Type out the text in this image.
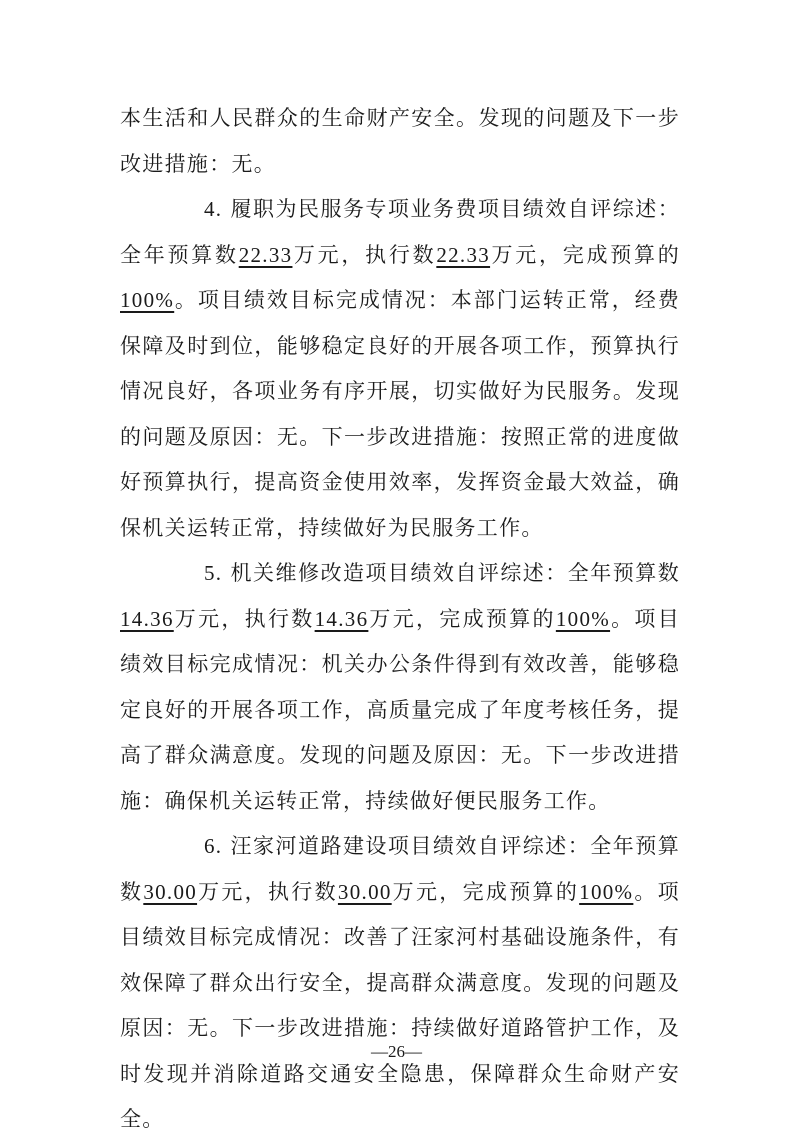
本生活和人民群众的生命财产安全。发现的问题及下一步改进措施：无。

4. 履职为民服务专项业务费项目绩效自评综述：全年预算数22.33万元，执行数22.33万元，完成预算的100%。项目绩效目标完成情况：本部门运转正常，经费保障及时到位，能够稳定良好的开展各项工作，预算执行情况良好，各项业务有序开展，切实做好为民服务。发现的问题及原因：无。下一步改进措施：按照正常的进度做好预算执行，提高资金使用效率，发挥资金最大效益，确保机关运转正常，持续做好为民服务工作。

5. 机关维修改造项目绩效自评综述：全年预算数14.36万元，执行数14.36万元，完成预算的100%。项目绩效目标完成情况：机关办公条件得到有效改善，能够稳定良好的开展各项工作，高质量完成了年度考核任务，提高了群众满意度。发现的问题及原因：无。下一步改进措施：确保机关运转正常，持续做好便民服务工作。

6. 汪家河道路建设项目绩效自评综述：全年预算数30.00万元，执行数30.00万元，完成预算的100%。项目绩效目标完成情况：改善了汪家河村基础设施条件，有效保障了群众出行安全，提高群众满意度。发现的问题及原因：无。下一步改进措施：持续做好道路管护工作，及时发现并消除道路交通安全隐患，保障群众生命财产安全。

—26—
